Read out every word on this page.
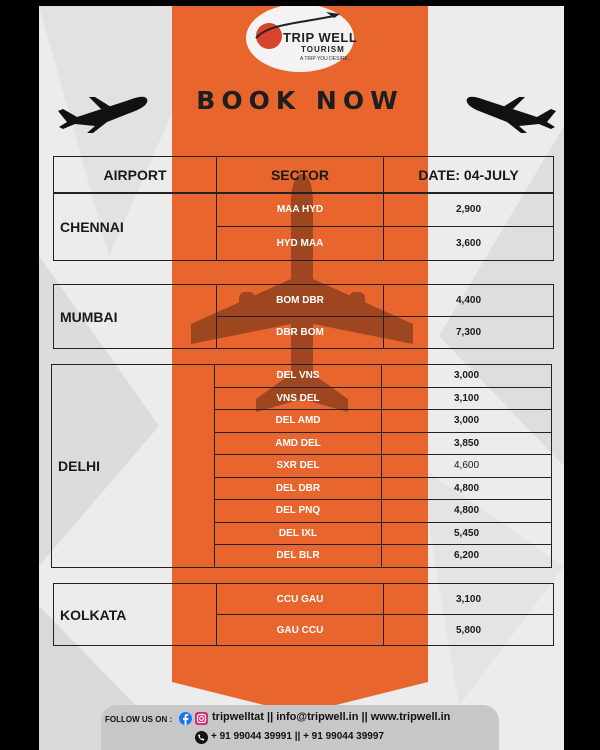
TRIP WELL
TOURISM
A TRIP YOU DESIRE...
BOOK NOW
AIRPORT	SECTOR	DATE: 04-JULY
CHENNAI	MAA HYD	2,900
	HYD MAA	3,600
MUMBAI	BOM DBR	4,400
	DBR BOM	7,300
DELHI	DEL VNS	3,000
	VNS DEL	3,100
	DEL AMD	3,000
	AMD DEL	3,850
	SXR DEL	4,600
	DEL DBR	4,800
	DEL PNQ	4,800
	DEL IXL	5,450
	DEL BLR	6,200
KOLKATA	CCU GAU	3,100
	GAU CCU	5,800
FOLLOW US ON :	tripwelltat || info@tripwell.in || www.tripwell.in
+ 91 99044 39991 || + 91 99044 39997
